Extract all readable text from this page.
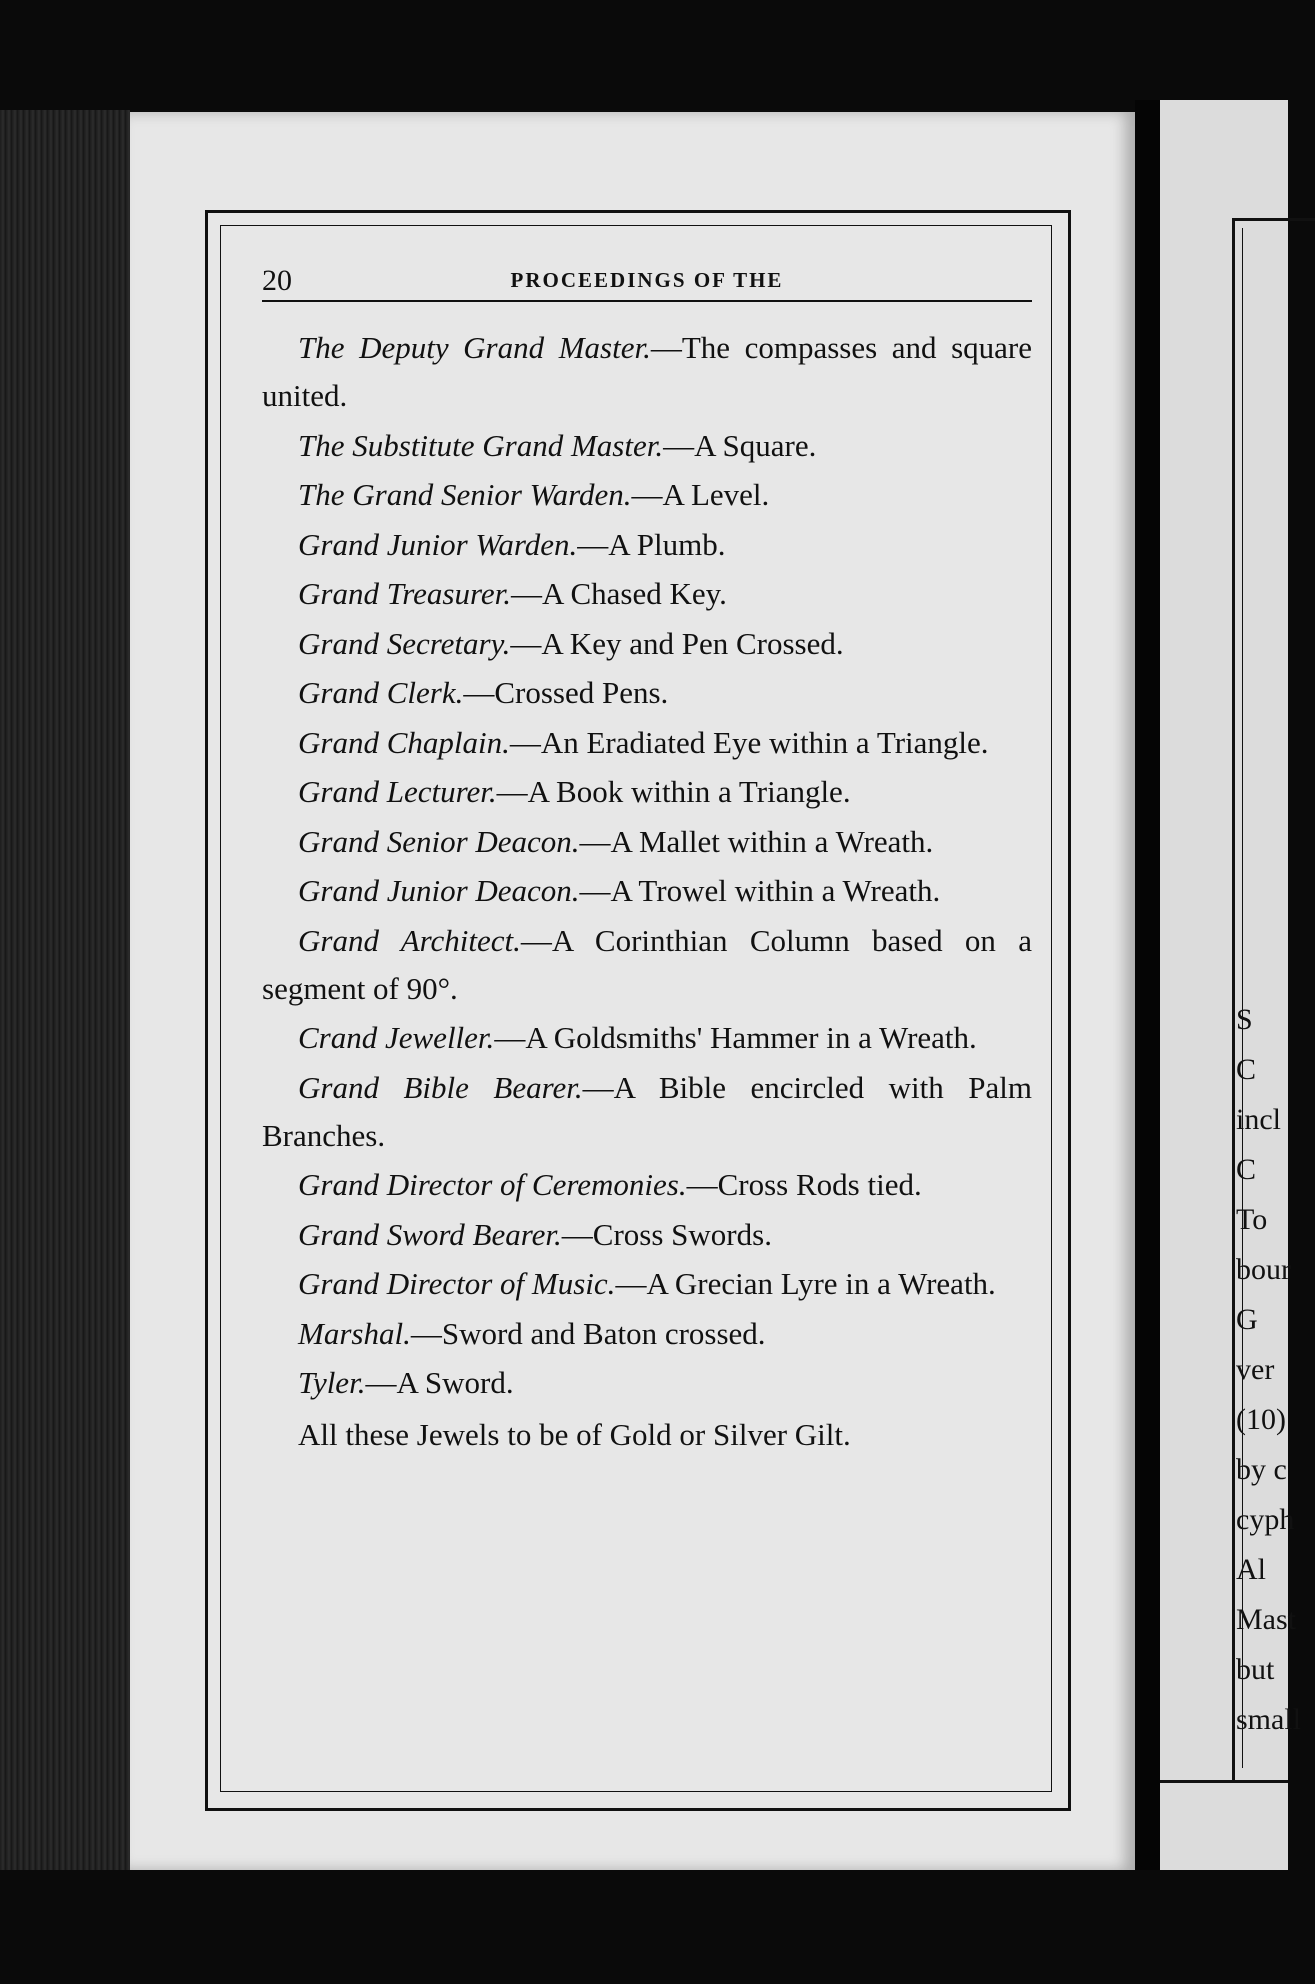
S
C
incl
C
To
bour
G
ver
(10)
by c
cyph
Al
Mast
but
small
20	PROCEEDINGS OF THE

The Deputy Grand Master.—The compasses and square united.

The Substitute Grand Master.—A Square.

The Grand Senior Warden.—A Level.

Grand Junior Warden.—A Plumb.

Grand Treasurer.—A Chased Key.

Grand Secretary.—A Key and Pen Crossed.

Grand Clerk.—Crossed Pens.

Grand Chaplain.—An Eradiated Eye within a Triangle.

Grand Lecturer.—A Book within a Triangle.

Grand Senior Deacon.—A Mallet within a Wreath.

Grand Junior Deacon.—A Trowel within a Wreath.

Grand Architect.—A Corinthian Column based on a segment of 90°.

Crand Jeweller.—A Goldsmiths' Hammer in a Wreath.

Grand Bible Bearer.—A Bible encircled with Palm Branches.

Grand Director of Ceremonies.—Cross Rods tied.

Grand Sword Bearer.—Cross Swords.

Grand Director of Music.—A Grecian Lyre in a Wreath.

Marshal.—Sword and Baton crossed.

Tyler.—A Sword.

All these Jewels to be of Gold or Silver Gilt.
